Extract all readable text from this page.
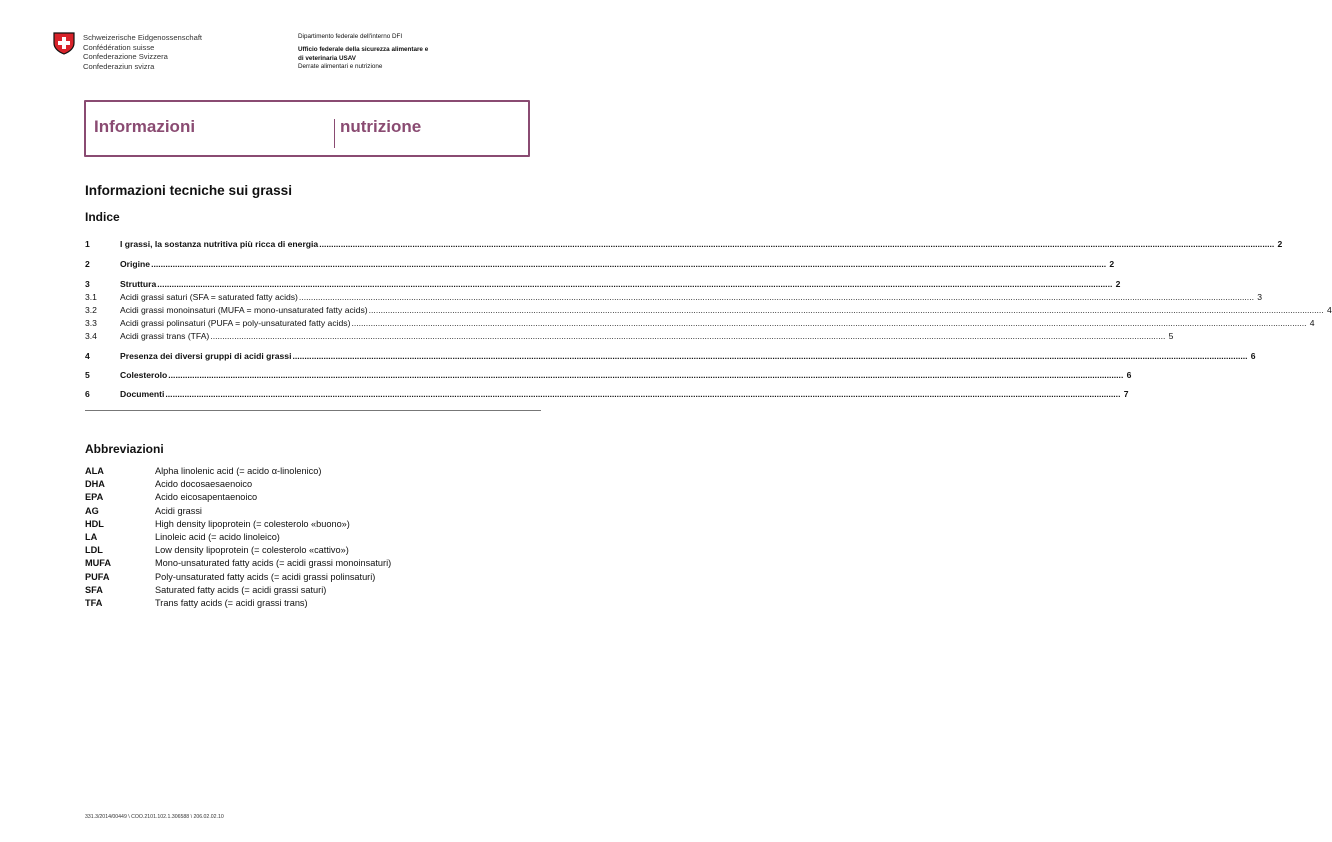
Schweizerische Eidgenossenschaft
Confédération suisse
Confederazione Svizzera
Confederaziun svizra
Dipartimento federale dell'interno DFI
Ufficio federale della sicurezza alimentare e
di veterinaria USAV
Derrate alimentari e nutrizione
Informazioni	nutrizione
Informazioni tecniche sui grassi
Indice
1	I grassi, la sostanza nutritiva più ricca di energia ................................................................................................................................................................................................................................................................................................................................................................................................................ 2
2	Origine ................................................................................................................................................................................................................................................................................................................................................................................................................ 2
3	Struttura ................................................................................................................................................................................................................................................................................................................................................................................................................ 2
3.1	Acidi grassi saturi (SFA = saturated fatty acids) ................................................................................................................................................................................................................................................................................................................................................................................................................ 3
3.2	Acidi grassi monoinsaturi (MUFA = mono-unsaturated fatty acids) ................................................................................................................................................................................................................................................................................................................................................................................................................ 4
3.3	Acidi grassi polinsaturi (PUFA = poly-unsaturated fatty acids) ................................................................................................................................................................................................................................................................................................................................................................................................................ 4
3.4	Acidi grassi trans (TFA) ................................................................................................................................................................................................................................................................................................................................................................................................................ 5
4	Presenza dei diversi gruppi di acidi grassi ................................................................................................................................................................................................................................................................................................................................................................................................................ 6
5	Colesterolo ................................................................................................................................................................................................................................................................................................................................................................................................................ 6
6	Documenti ................................................................................................................................................................................................................................................................................................................................................................................................................ 7
Abbreviazioni
ALA	Alpha linolenic acid (= acido α-linolenico)
DHA	Acido docosaesaenoico
EPA	Acido eicosapentaenoico
AG	Acidi grassi
HDL	High density lipoprotein (= colesterolo «buono»)
LA	Linoleic acid (= acido linoleico)
LDL	Low density lipoprotein (= colesterolo «cattivo»)
MUFA	Mono-unsaturated fatty acids (= acidi grassi monoinsaturi)
PUFA	Poly-unsaturated fatty acids (= acidi grassi polinsaturi)
SFA	Saturated fatty acids (= acidi grassi saturi)
TFA	Trans fatty acids (= acidi grassi trans)
331.3/2014/00449 \ COO.2101.102.1.306588 \ 206.02.02.10
